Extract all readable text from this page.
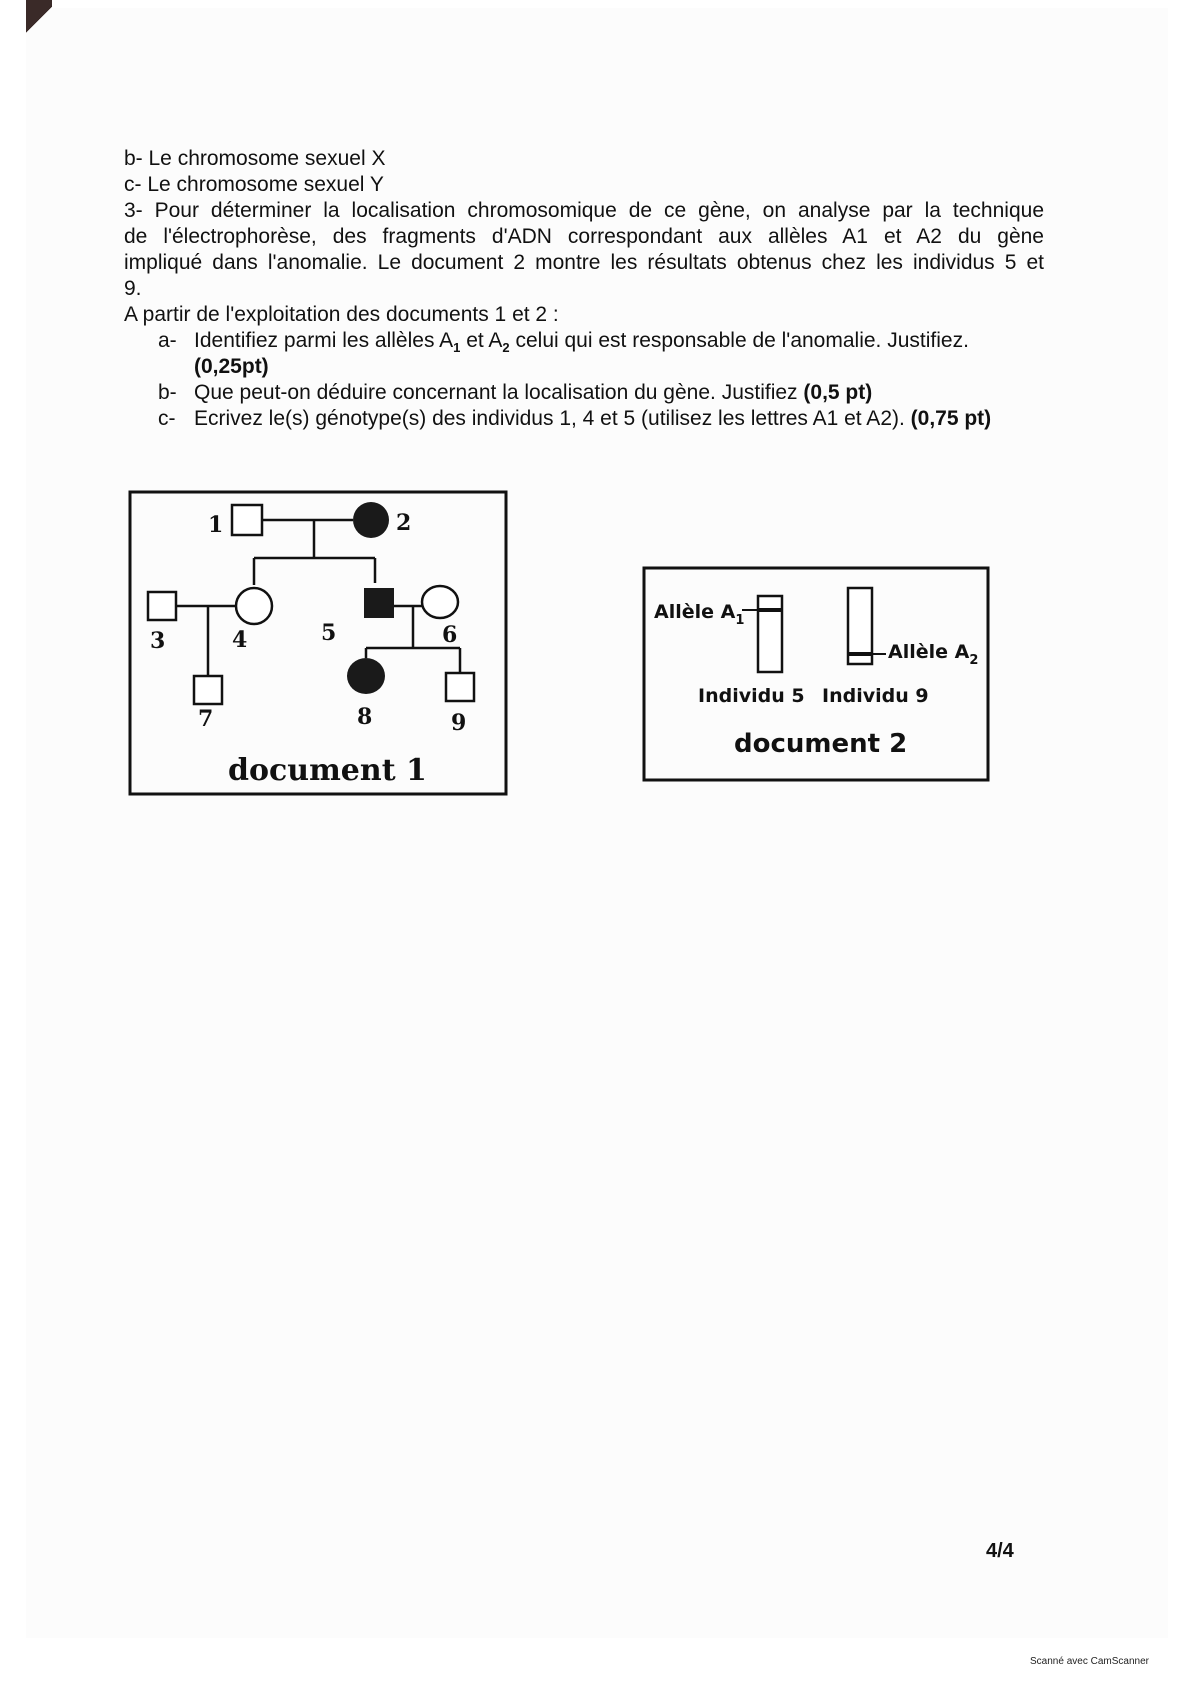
b- Le chromosome sexuel X
c- Le chromosome sexuel Y
3- Pour déterminer la localisation chromosomique de ce gène, on analyse par la technique
de l'électrophorèse, des fragments d'ADN correspondant aux allèles A1 et A2 du gène
impliqué dans l'anomalie. Le document 2 montre les résultats obtenus chez les individus 5 et
9.
A partir de l'exploitation des documents 1 et 2 :
a- Identifiez parmi les allèles $A_1$ et $A_2$ celui qui est responsable de l'anomalie. Justifiez.
(0,25pt)
b- Que peut-on déduire concernant la localisation du gène. Justifiez (0,5 pt)
c- Ecrivez le(s) génotype(s) des individus 1, 4 et 5 (utilisez les lettres A1 et A2). (0,75 pt)
1	2
3	4	5	6
7	8	9
document 1
Allèle $A_1$
Allèle $A_2$
Individu 5 Individu 9
document 2
4/4
Scanné avec CamScanner
